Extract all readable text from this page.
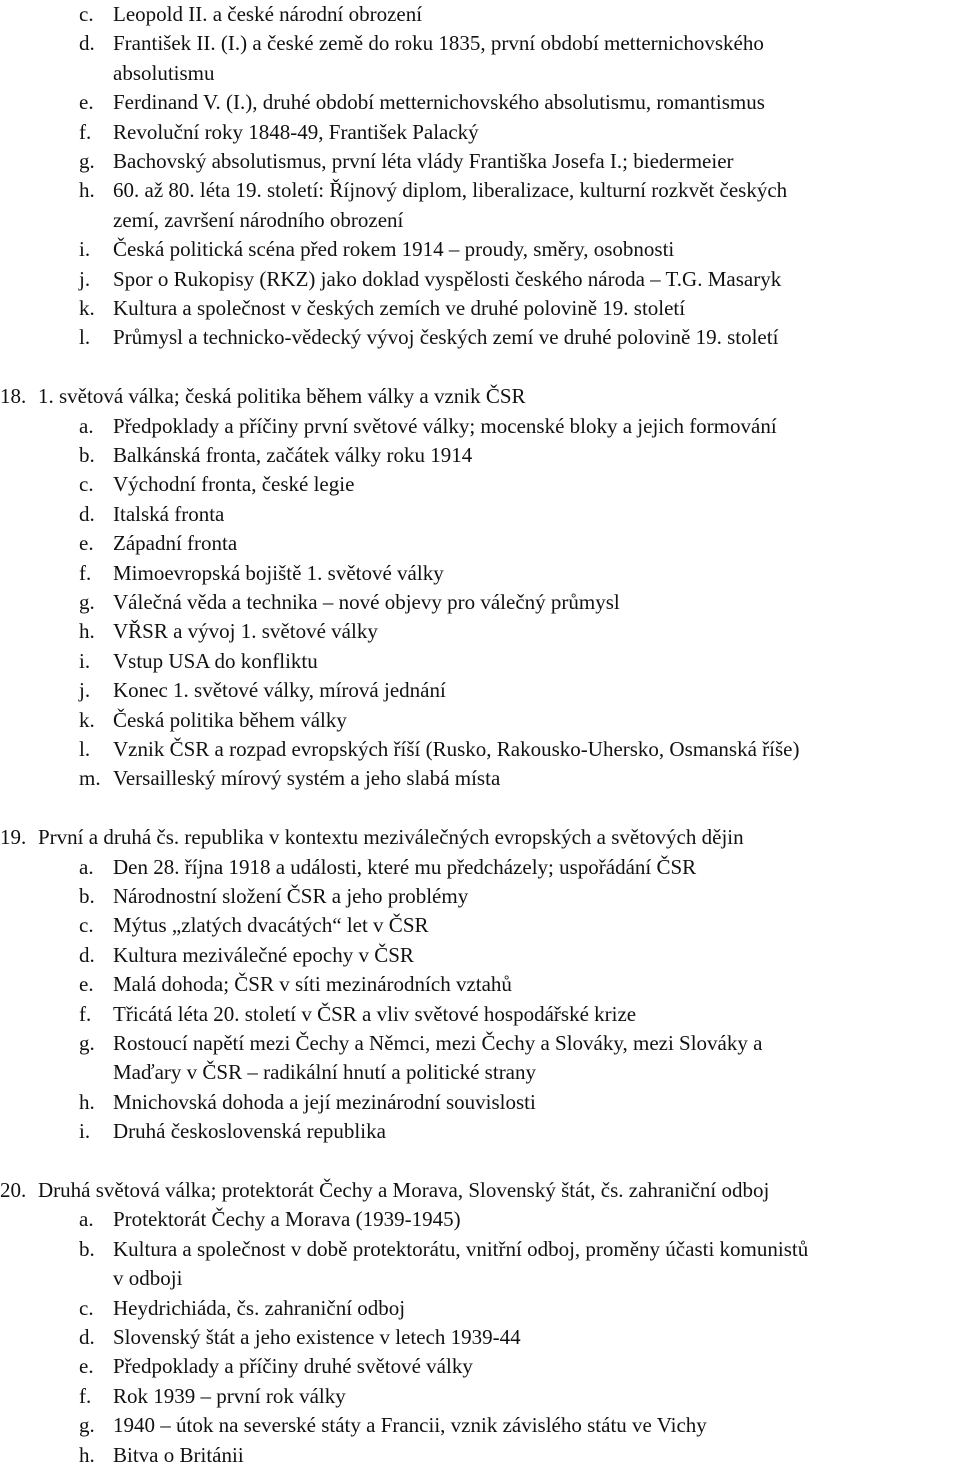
c. Leopold II. a české národní obrození
d. František II. (I.) a české země do roku 1835, první období metternichovského
absolutismu
e. Ferdinand V. (I.), druhé období metternichovského absolutismu, romantismus
f. Revoluční roky 1848-49, František Palacký
g. Bachovský absolutismus, první léta vlády Františka Josefa I.; biedermeier
h. 60. až 80. léta 19. století: Říjnový diplom, liberalizace, kulturní rozkvět českých
zemí, završení národního obrození
i. Česká politická scéna před rokem 1914 – proudy, směry, osobnosti
j. Spor o Rukopisy (RKZ) jako doklad vyspělosti českého národa – T.G. Masaryk
k. Kultura a společnost v českých zemích ve druhé polovině 19. století
l. Průmysl a technicko-vědecký vývoj českých zemí ve druhé polovině 19. století
18. 1. světová válka; česká politika během války a vznik ČSR
a. Předpoklady a příčiny první světové války; mocenské bloky a jejich formování
b. Balkánská fronta, začátek války roku 1914
c. Východní fronta, české legie
d. Italská fronta
e. Západní fronta
f. Mimoevropská bojiště 1. světové války
g. Válečná věda a technika – nové objevy pro válečný průmysl
h. VŘSR a vývoj 1. světové války
i. Vstup USA do konfliktu
j. Konec 1. světové války, mírová jednání
k. Česká politika během války
l. Vznik ČSR a rozpad evropských říší (Rusko, Rakousko-Uhersko, Osmanská říše)
m. Versailleský mírový systém a jeho slabá místa
19. První a druhá čs. republika v kontextu meziválečných evropských a světových dějin
a. Den 28. října 1918 a události, které mu předcházely; uspořádání ČSR
b. Národnostní složení ČSR a jeho problémy
c. Mýtus „zlatých dvacátých“ let v ČSR
d. Kultura meziválečné epochy v ČSR
e. Malá dohoda; ČSR v síti mezinárodních vztahů
f. Třicátá léta 20. století v ČSR a vliv světové hospodářské krize
g. Rostoucí napětí mezi Čechy a Němci, mezi Čechy a Slováky, mezi Slováky a
Maďary v ČSR – radikální hnutí a politické strany
h. Mnichovská dohoda a její mezinárodní souvislosti
i. Druhá československá republika
20. Druhá světová válka; protektorát Čechy a Morava, Slovenský štát, čs. zahraniční odboj
a. Protektorát Čechy a Morava (1939-1945)
b. Kultura a společnost v době protektorátu, vnitřní odboj, proměny účasti komunistů
v odboji
c. Heydrichiáda, čs. zahraniční odboj
d. Slovenský štát a jeho existence v letech 1939-44
e. Předpoklady a příčiny druhé světové války
f. Rok 1939 – první rok války
g. 1940 – útok na severské státy a Francii, vznik závislého státu ve Vichy
h. Bitva o Británii
